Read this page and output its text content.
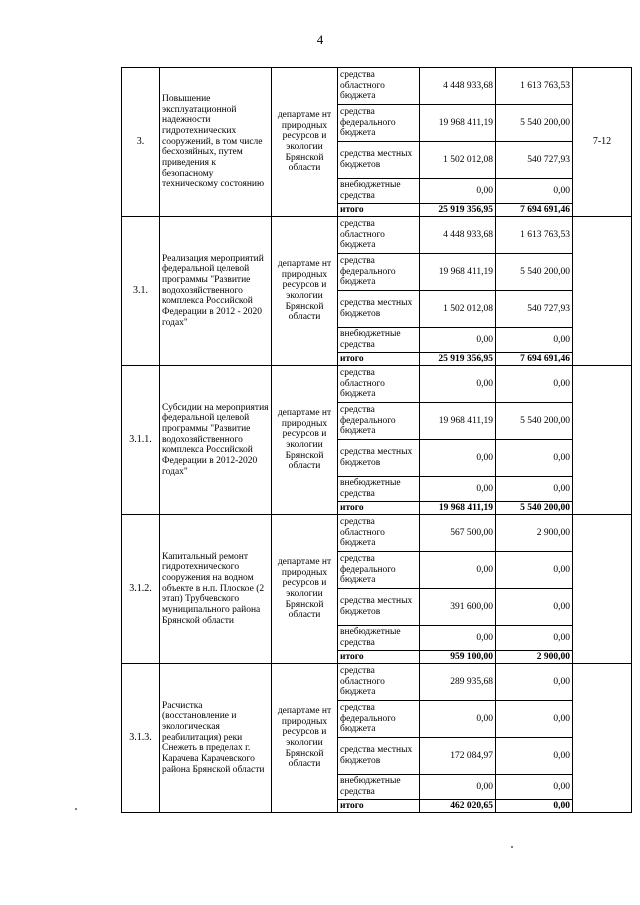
4
3.	Повышение эксплуатационной надежности гидротехнических сооружений, в том числе бесхозяйных, путем приведения к безопасному техническому состоянию	департаме нт природных ресурсов и экологии Брянской области	средства областного бюджета	4 448 933,68	1 613 763,53	7-12
			средства федерального бюджета	19 968 411,19	5 540 200,00	
			средства местных бюджетов	1 502 012,08	540 727,93	
			внебюджетные средства	0,00	0,00	
			итого	25 919 356,95	7 694 691,46	
3.1.	Реализация мероприятий федеральной целевой программы "Развитие водохозяйственного комплекса Российской Федерации в 2012 - 2020 годах"	департаме нт природных ресурсов и экологии Брянской области	средства областного бюджета	4 448 933,68	1 613 763,53	
			средства федерального бюджета	19 968 411,19	5 540 200,00	
			средства местных бюджетов	1 502 012,08	540 727,93	
			внебюджетные средства	0,00	0,00	
			итого	25 919 356,95	7 694 691,46	
3.1.1.	Субсидии на мероприятия федеральной целевой программы "Развитие водохозяйственного комплекса Российской Федерации в 2012-2020 годах"	департаме нт природных ресурсов и экологии Брянской области	средства областного бюджета	0,00	0,00	
			средства федерального бюджета	19 968 411,19	5 540 200,00	
			средства местных бюджетов	0,00	0,00	
			внебюджетные средства	0,00	0,00	
			итого	19 968 411,19	5 540 200,00	
3.1.2.	Капитальный ремонт гидротехнического сооружения на водном объекте в н.п. Плоское (2 этап) Трубчевского муниципального района Брянской области	департаме нт природных ресурсов и экологии Брянской области	средства областного бюджета	567 500,00	2 900,00	
			средства федерального бюджета	0,00	0,00	
			средства местных бюджетов	391 600,00	0,00	
			внебюджетные средства	0,00	0,00	
			итого	959 100,00	2 900,00	
3.1.3.	Расчистка (восстановление и экологическая реабилитация) реки Снежеть в пределах г. Карачева Карачевского района Брянской области	департаме нт природных ресурсов и экологии Брянской области	средства областного бюджета	289 935,68	0,00	
			средства федерального бюджета	0,00	0,00	
			средства местных бюджетов	172 084,97	0,00	
			внебюджетные средства	0,00	0,00	
			итого	462 020,65	0,00	
